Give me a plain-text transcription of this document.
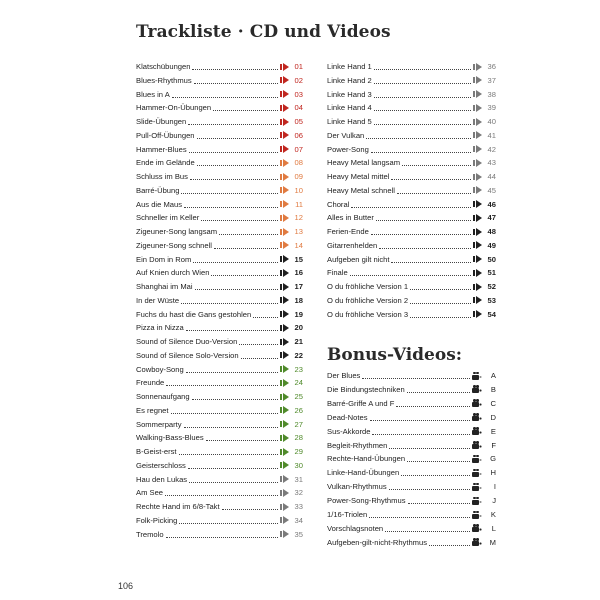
Trackliste · CD und Videos
Bonus-Videos:
Klatschübungen	01
Blues-Rhythmus	02
Blues in A	03
Hammer-On-Übungen	04
Slide-Übungen	05
Pull-Off-Übungen	06
Hammer-Blues	07
Ende im Gelände	08
Schluss im Bus	09
Barré-Übung	10
Aus die Maus	11
Schneller im Keller	12
Zigeuner-Song langsam	13
Zigeuner-Song schnell	14
Ein Dom in Rom	15
Auf Knien durch Wien	16
Shanghai im Mai	17
In der Wüste	18
Fuchs du hast die Gans gestohlen	19
Pizza in Nizza	20
Sound of Silence Duo-Version	21
Sound of Silence Solo-Version	22
Cowboy-Song	23
Freunde	24
Sonnenaufgang	25
Es regnet	26
Sommerparty	27
Walking-Bass-Blues	28
B-Geist-erst	29
Geisterschloss	30
Hau den Lukas	31
Am See	32
Rechte Hand im 6/8-Takt	33
Folk-Picking	34
Tremolo	35
Linke Hand 1	36
Linke Hand 2	37
Linke Hand 3	38
Linke Hand 4	39
Linke Hand 5	40
Der Vulkan	41
Power-Song	42
Heavy Metal langsam	43
Heavy Metal mittel	44
Heavy Metal schnell	45
Choral	46
Alles in Butter	47
Ferien-Ende	48
Gitarrenhelden	49
Aufgeben gilt nicht	50
Finale	51
O du fröhliche Version 1	52
O du fröhliche Version 2	53
O du fröhliche Version 3	54
Der Blues	A
Die Bindungstechniken	B
Barré-Griffe A und F	C
Dead-Notes	D
Sus-Akkorde	E
Begleit-Rhythmen	F
Rechte-Hand-Übungen	G
Linke-Hand-Übungen	H
Vulkan-Rhythmus	I
Power-Song-Rhythmus	J
1/16-Triolen	K
Vorschlagsnoten	L
Aufgeben-gilt-nicht-Rhythmus	M
106
